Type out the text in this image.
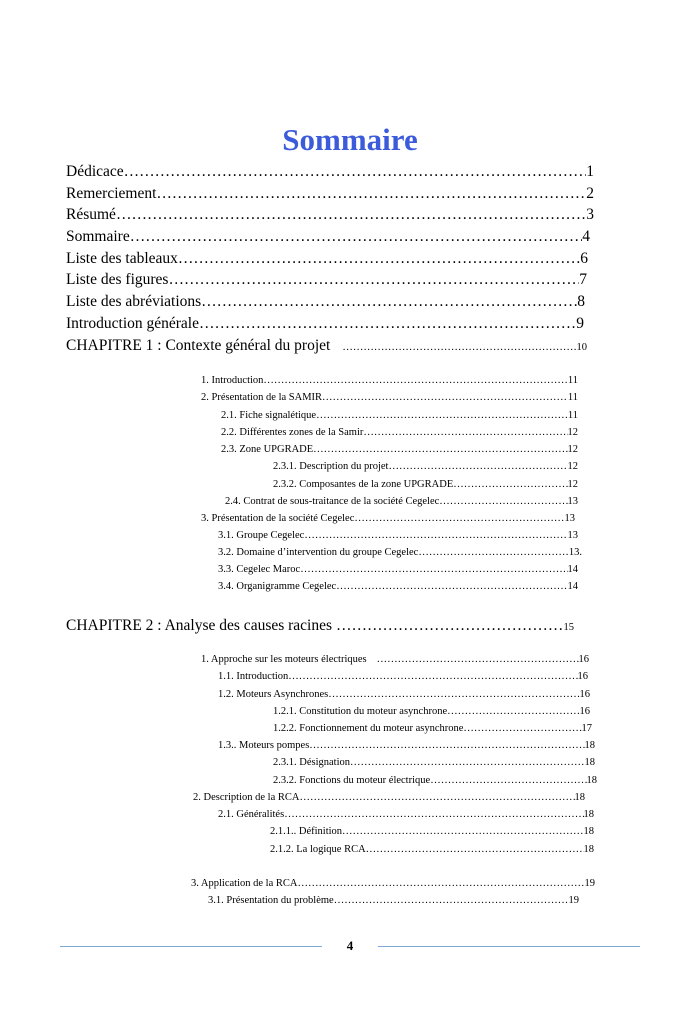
Sommaire
Dédicace ………………………………………………………………………………………………………………………………………………………………	1
Remerciement ………………………………………………………………………………………………………………………………………………………………	2
Résumé ………………………………………………………………………………………………………………………………………………………………	3
Sommaire ………………………………………………………………………………………………………………………………………………………………	4
Liste des tableaux ………………………………………………………………………………………………………………………………………………………………	6
Liste des figures ………………………………………………………………………………………………………………………………………………………………	7
Liste des abréviations ………………………………………………………………………………………………………………………………………………………………	8
Introduction générale ………………………………………………………………………………………………………………………………………………………………	9
CHAPITRE 1 : Contexte général du projet ………………………………………………………………………………………………………………………………………………………………	10
1. Introduction ………………………………………………………………………………………………………………………………………………………………	11
2. Présentation de la SAMIR ………………………………………………………………………………………………………………………………………………………………	11
2.1. Fiche signalétique ………………………………………………………………………………………………………………………………………………………………	11
2.2. Différentes zones de la Samir ………………………………………………………………………………………………………………………………………………………………	12
2.3. Zone UPGRADE ………………………………………………………………………………………………………………………………………………………………	12
2.3.1. Description du projet ………………………………………………………………………………………………………………………………………………………………	12
2.3.2. Composantes de la zone UPGRADE ………………………………………………………………………………………………………………………………………………………………	12
2.4. Contrat de sous-traitance de la société Cegelec ………………………………………………………………………………………………………………………………………………………………	13
3. Présentation de la société Cegelec ………………………………………………………………………………………………………………………………………………………………	13
3.1. Groupe Cegelec ………………………………………………………………………………………………………………………………………………………………	13
3.2. Domaine d’intervention du groupe Cegelec ………………………………………………………………………………………………………………………………………………………………	13.
3.3. Cegelec Maroc ………………………………………………………………………………………………………………………………………………………………	14
3.4. Organigramme Cegelec ………………………………………………………………………………………………………………………………………………………………	14
CHAPITRE 2 : Analyse des causes racines ………………………………………………………………………………………………………………………………………………………………	15
1. Approche sur les moteurs électriques ………………………………………………………………………………………………………………………………………………………………	16
1.1. Introduction ………………………………………………………………………………………………………………………………………………………………	16
1.2. Moteurs Asynchrones ………………………………………………………………………………………………………………………………………………………………	16
1.2.1. Constitution du moteur asynchrone ………………………………………………………………………………………………………………………………………………………………	16
1.2.2. Fonctionnement du moteur asynchrone ………………………………………………………………………………………………………………………………………………………………	17
1.3.. Moteurs pompes ………………………………………………………………………………………………………………………………………………………………	18
2.3.1. Désignation ………………………………………………………………………………………………………………………………………………………………	18
2.3.2. Fonctions du moteur électrique ………………………………………………………………………………………………………………………………………………………………	18
2. Description de la RCA ………………………………………………………………………………………………………………………………………………………………	18
2.1. Généralités ………………………………………………………………………………………………………………………………………………………………	18
2.1.1.. Définition ………………………………………………………………………………………………………………………………………………………………	18
2.1.2. La logique RCA ………………………………………………………………………………………………………………………………………………………………	18
3. Application de la RCA ………………………………………………………………………………………………………………………………………………………………	19
3.1. Présentation du problème ………………………………………………………………………………………………………………………………………………………………	19
4
